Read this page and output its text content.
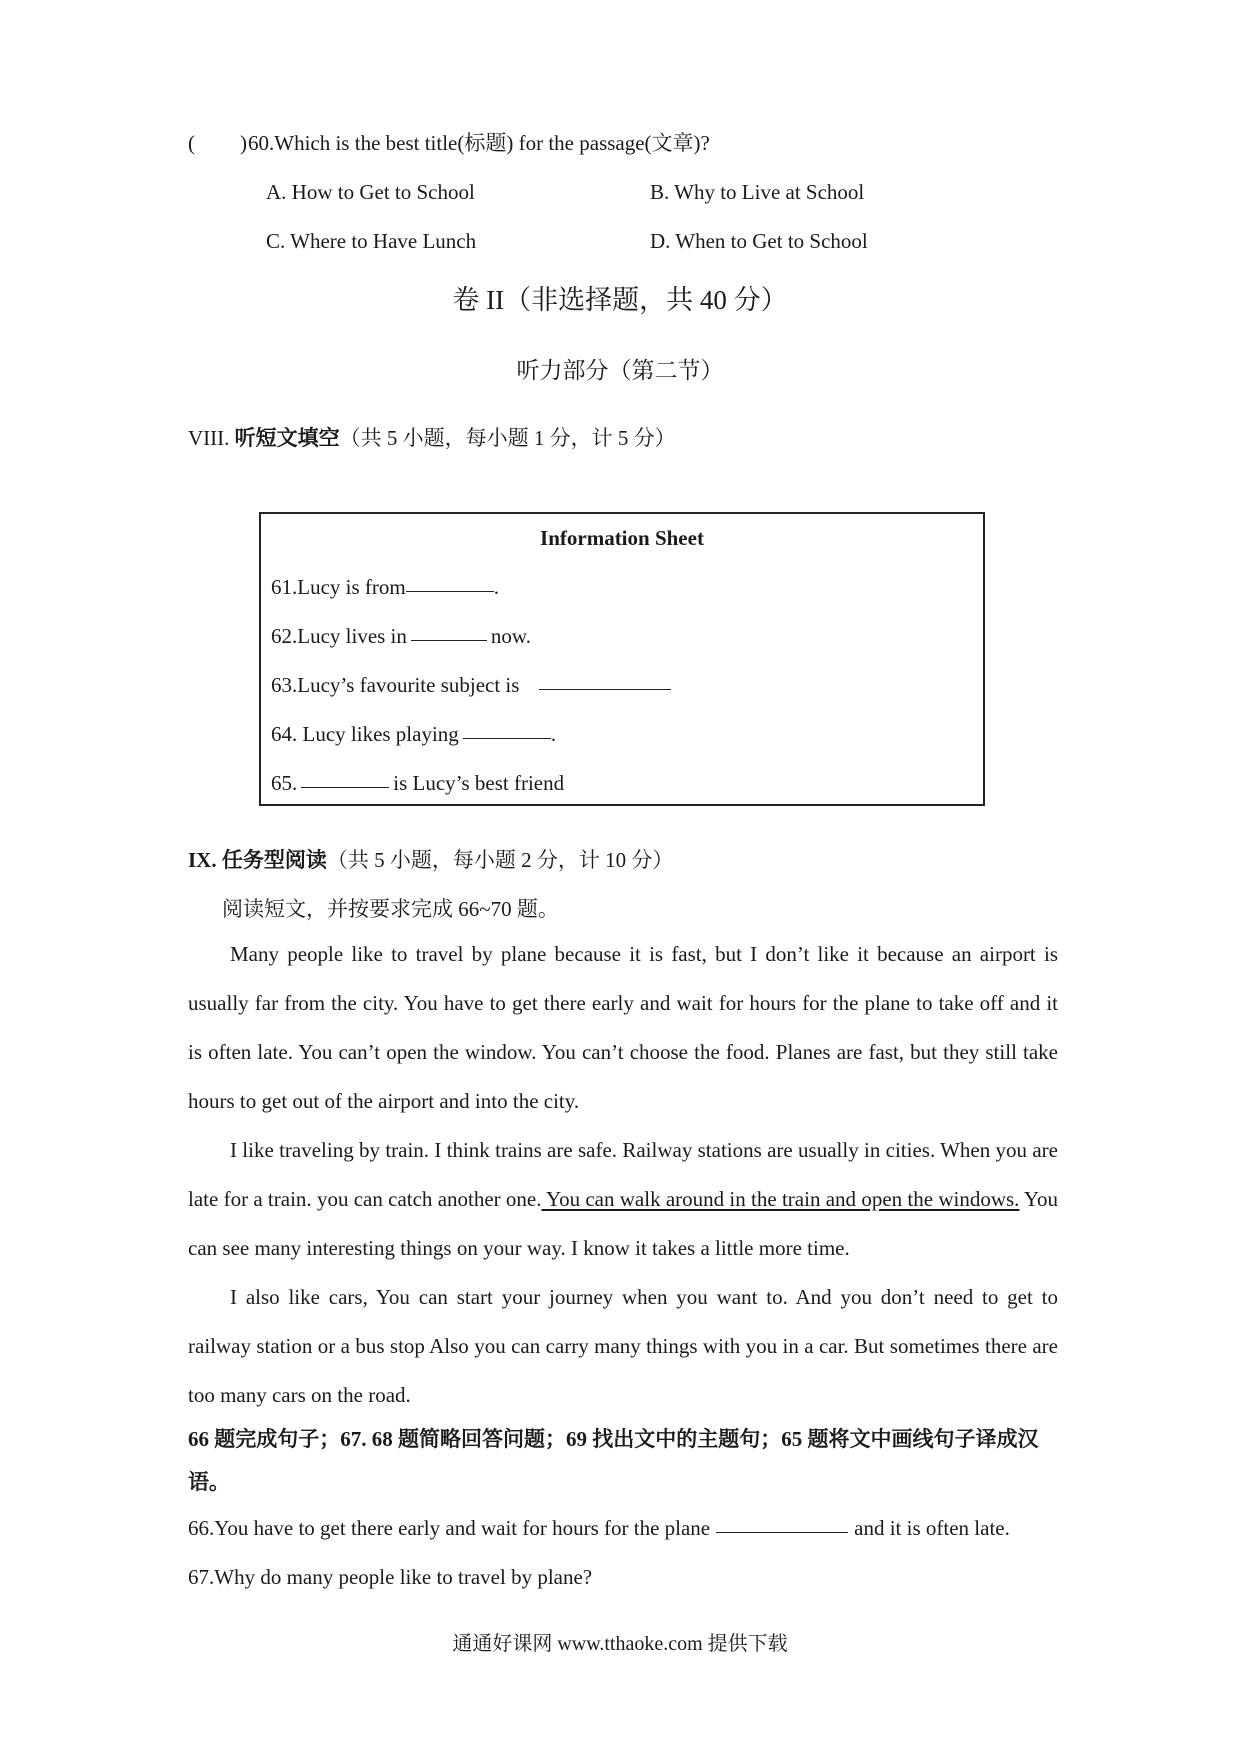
( ) 60.Which is the best title(标题) for the passage(文章)?
A. How to Get to School	B. Why to Live at School
C. Where to Have Lunch	D. When to Get to School
卷 II（非选择题，共 40 分）
听力部分（第二节）
VIII. 听短文填空（共 5 小题，每小题 1 分，计 5 分）
Information Sheet
61.Lucy is from	.
62.Lucy lives in	now.
63.Lucy’s favourite subject is
64. Lucy likes playing	.
65.	is Lucy’s best friend
IX. 任务型阅读（共 5 小题，每小题 2 分，计 10 分）
阅读短文，并按要求完成 66~70 题。

Many people like to travel by plane because it is fast, but I don’t like it because an airport is usually far from the city. You have to get there early and wait for hours for the plane to take off and it is often late. You can’t open the window. You can’t choose the food. Planes are fast, but they still take hours to get out of the airport and into the city.

I like traveling by train. I think trains are safe. Railway stations are usually in cities. When you are late for a train. you can catch another one. You can walk around in the train and open the windows. You can see many interesting things on your way. I know it takes a little more time.

I also like cars, You can start your journey when you want to. And you don’t need to get to railway station or a bus stop Also you can carry many things with you in a car. But sometimes there are too many cars on the road.

66 题完成句子；67. 68 题简略回答问题；69 找出文中的主题句；65 题将文中画线句子译成汉语。
66.You have to get there early and wait for hours for the plane	and it is often late.
67.Why do many people like to travel by plane?
通通好课网 www.tthaoke.com 提供下载
